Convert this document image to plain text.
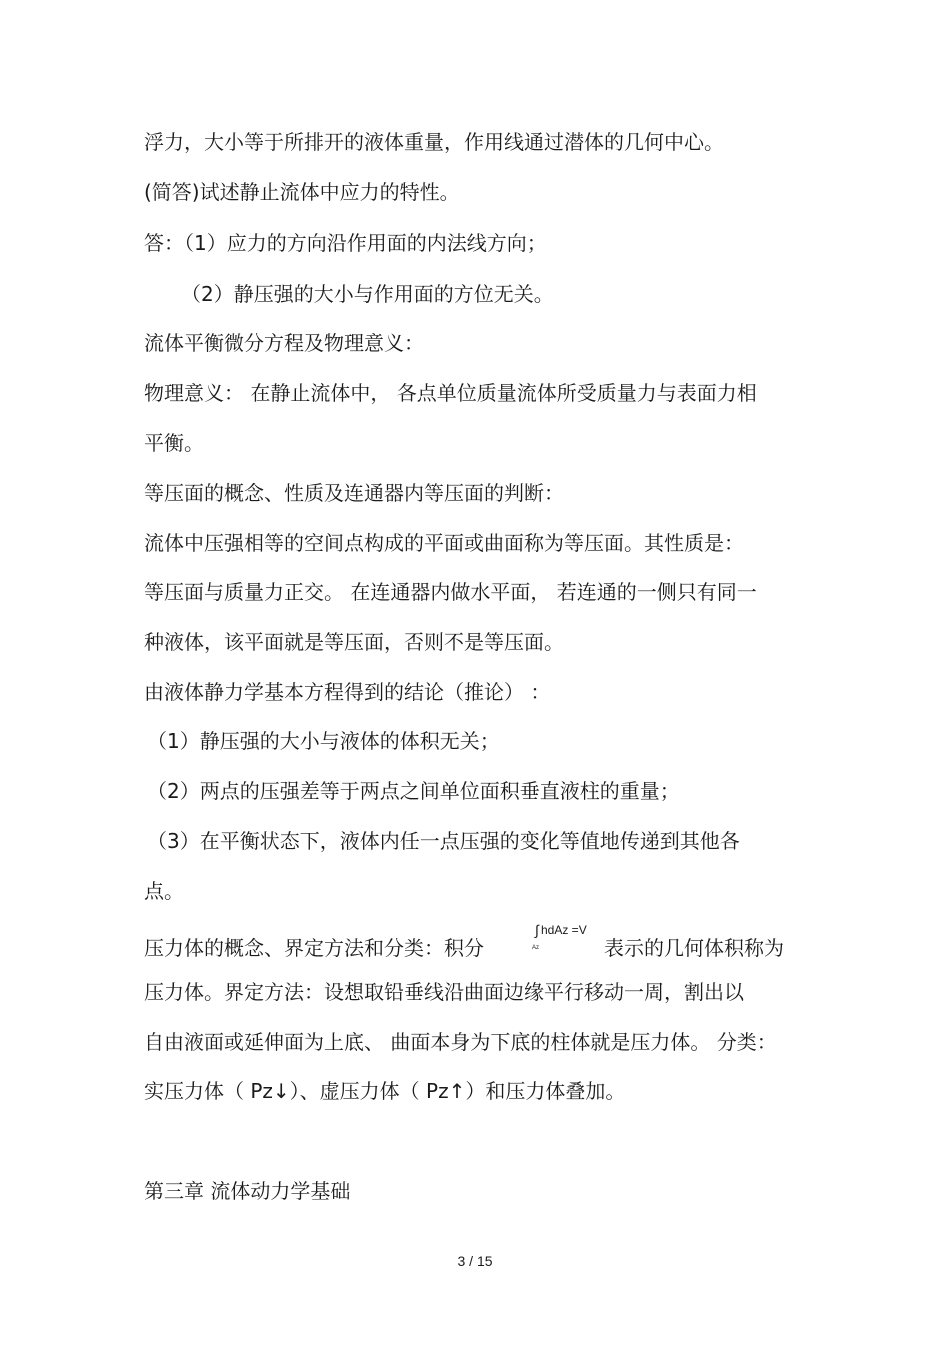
浮力，大小等于所排开的液体重量，作用线通过潜体的几何中心。
(简答)试述静止流体中应力的特性。
答：（1）应力的方向沿作用面的内法线方向；
（2）静压强的大小与作用面的方位无关。
流体平衡微分方程及物理意义：
物理意义： 在静止流体中， 各点单位质量流体所受质量力与表面力相
平衡。
等压面的概念、性质及连通器内等压面的判断：
流体中压强相等的空间点构成的平面或曲面称为等压面。其性质是：
等压面与质量力正交。 在连通器内做水平面， 若连通的一侧只有同一
种液体，该平面就是等压面，否则不是等压面。
由液体静力学基本方程得到的结论（推论） ：
（1）静压强的大小与液体的体积无关；
（2）两点的压强差等于两点之间单位面积垂直液柱的重量；
（3）在平衡状态下，液体内任一点压强的变化等值地传递到其他各
点。
压力体的概念、界定方法和分类：积分
∫ hdAz =V
Az	表示的几何体积称为
压力体。界定方法：设想取铅垂线沿曲面边缘平行移动一周，割出以
自由液面或延伸面为上底、 曲面本身为下底的柱体就是压力体。 分类：
实压力体（ Pz↓）、虚压力体（ Pz↑）和压力体叠加。
第三章 流体动力学基础
3 / 15
